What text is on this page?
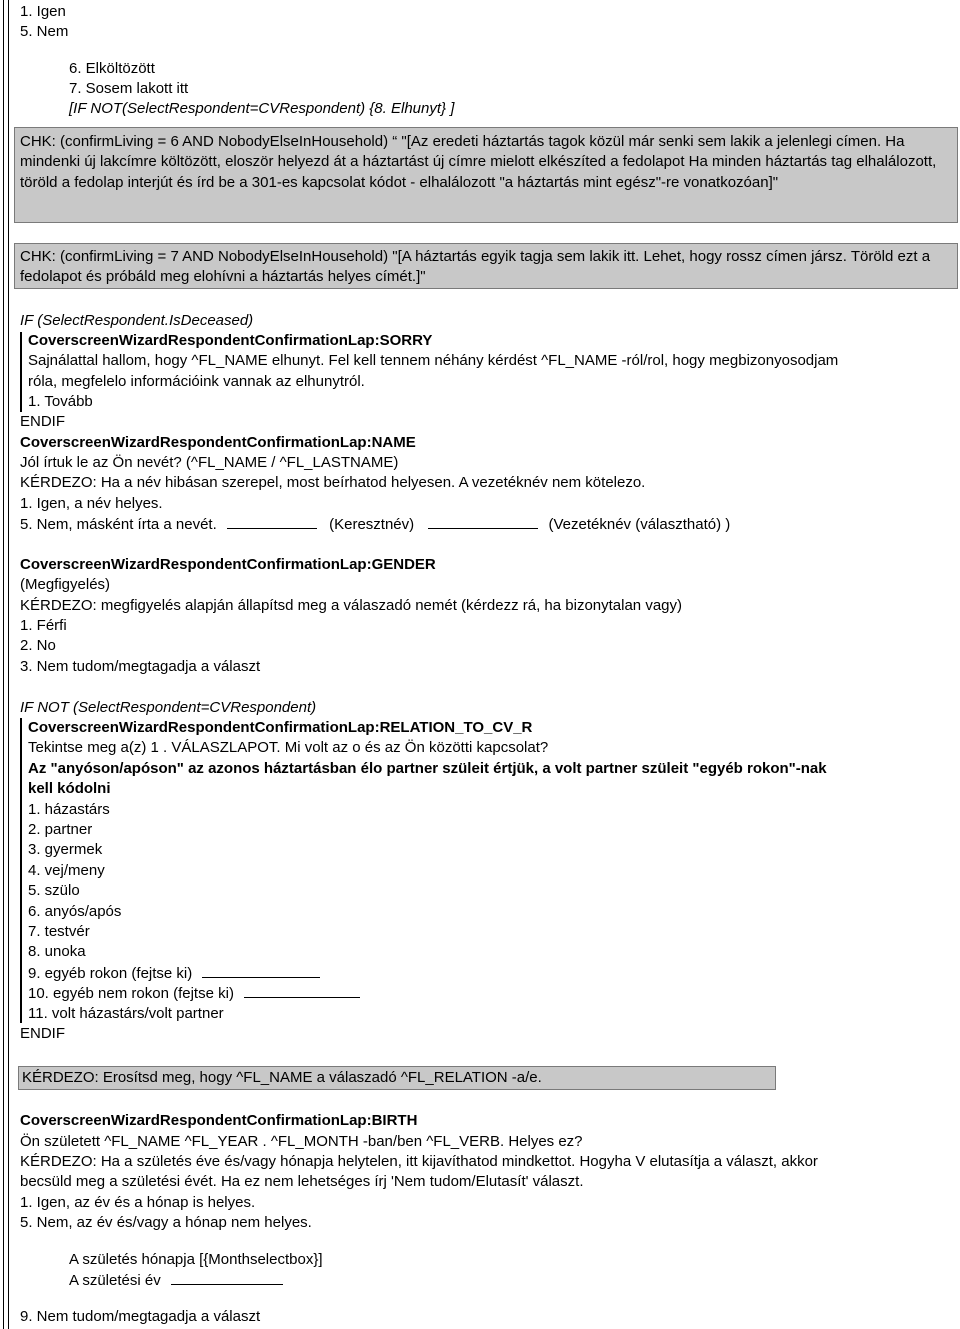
1. Igen
5. Nem
6. Elköltözött
7. Sosem lakott itt
[IF NOT(SelectRespondent=CVRespondent) {8. Elhunyt} ]
CHK: (confirmLiving = 6 AND NobodyElseInHousehold) “ "[Az eredeti háztartás tagok közül már senki sem lakik a jelenlegi címen. Ha mindenki új lakcímre költözött, eloször helyezd át a háztartást új címre mielott elkészíted a fedolapot Ha minden háztartás tag elhalálozott, töröld a fedolap interjút és írd be a 301-es kapcsolat kódot - elhalálozott "a háztartás mint egész"-re vonatkozóan]"
CHK: (confirmLiving = 7 AND NobodyElseInHousehold) "[A háztartás egyik tagja sem lakik itt. Lehet, hogy rossz címen jársz. Töröld ezt a fedolapot és próbáld meg elohívni a háztartás helyes címét.]"
IF (SelectRespondent.IsDeceased)
CoverscreenWizardRespondentConfirmationLap:SORRY
Sajnálattal hallom, hogy ^FL_NAME elhunyt. Fel kell tennem néhány kérdést ^FL_NAME -ról/rol, hogy megbizonyosodjam
róla, megfelelo információink vannak az elhunytról.
1. Tovább
ENDIF
CoverscreenWizardRespondentConfirmationLap:NAME
Jól írtuk le az Ön nevét? (^FL_NAME / ^FL_LASTNAME)
KÉRDEZO: Ha a név hibásan szerepel, most beírhatod helyesen. A vezetéknév nem kötelezo.
1. Igen, a név helyes.
5. Nem, másként írta a nevét.	(Keresztnév)	(Vezetéknév (választható) )
CoverscreenWizardRespondentConfirmationLap:GENDER
(Megfigyelés)
KÉRDEZO: megfigyelés alapján állapítsd meg a válaszadó nemét (kérdezz rá, ha bizonytalan vagy)
1. Férfi
2. No
3. Nem tudom/megtagadja a választ
IF NOT (SelectRespondent=CVRespondent)
CoverscreenWizardRespondentConfirmationLap:RELATION_TO_CV_R
Tekintse meg a(z) 1 . VÁLASZLAPOT. Mi volt az o és az Ön közötti kapcsolat?
Az "anyóson/apóson" az azonos háztartásban élo partner szüleit értjük, a volt partner szüleit "egyéb rokon"-nak
kell kódolni
1. házastárs
2. partner
3. gyermek
4. vej/meny
5. szülo
6. anyós/após
7. testvér
8. unoka
9. egyéb rokon (fejtse ki)
10. egyéb nem rokon (fejtse ki)
11. volt házastárs/volt partner
ENDIF
KÉRDEZO: Erosítsd meg, hogy ^FL_NAME a válaszadó ^FL_RELATION -a/e.
CoverscreenWizardRespondentConfirmationLap:BIRTH
Ön született ^FL_NAME ^FL_YEAR . ^FL_MONTH -ban/ben ^FL_VERB. Helyes ez?
KÉRDEZO: Ha a születés éve és/vagy hónapja helytelen, itt kijavíthatod mindkettot. Hogyha V elutasítja a választ, akkor
becsüld meg a születési évét. Ha ez nem lehetséges írj 'Nem tudom/Elutasít' választ.
1. Igen, az év és a hónap is helyes.
5. Nem, az év és/vagy a hónap nem helyes.
A születés hónapja [{Monthselectbox}]
A születési év
9. Nem tudom/megtagadja a választ
